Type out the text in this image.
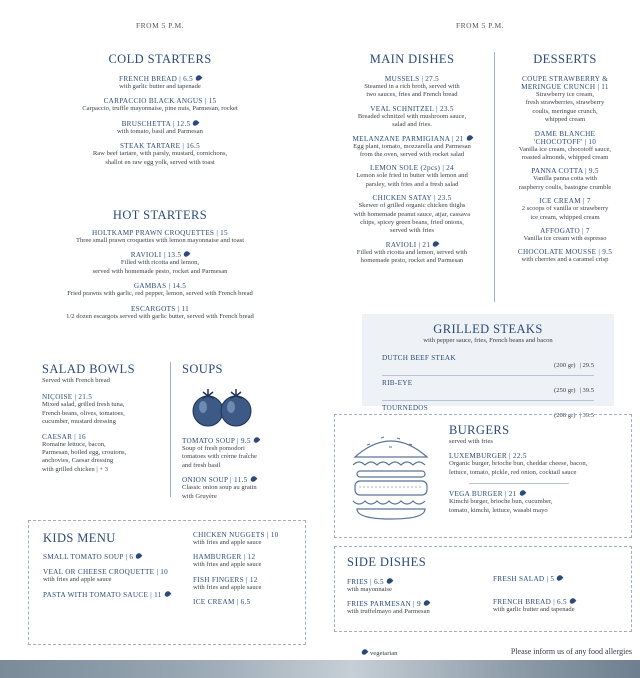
FROM 5 P.M.
COLD STARTERS
FRENCH BREAD | 6.5
with garlic butter and tapenade
CARPACCIO BLACK ANGUS | 15
Carpaccio, truffle mayonnaise, pine nuts, Parmesan, rocket
BRUSCHETTA | 12.5
with tomato, basil and Parmesan
STEAK TARTARE | 16.5
Raw beef tartare, with parsly, mustard, cornichons,
shallot en raw egg yolk, served with toast
HOT STARTERS
HOLTKAMP PRAWN CROQUETTES | 15
Three small prawn croquettes with lemon mayonnaise and toast
RAVIOLI | 13.5
Filled with ricotta and lemon,
served with homemade pesto, rocket and Parmesan
GAMBAS | 14.5
Fried prawns with garlic, red pepper, lemon, served with French bread
ESCARGOTS | 11
1/2 dozen escargots served with garlic butter, served with French bread
SALAD BOWLS
Served with French bread
NIÇOISE | 21.5
Mixed salad, grilled fresh tuna,
French beans, olives, tomatoes,
cucumber, mustard dressing
CAESAR | 16
Romaine lettuce, bacon,
Parmesan, boiled egg, croutons,
anchovies, Caesar dressing
with grilled chicken | + 3
SOUPS
TOMATO SOUP | 9.5
Soup of fresh pomodori
tomatoes with crème fraîche
and fresh basil
ONION SOUP | 11.5
Classic onion soup au gratin
with Gruyère
KIDS MENU
SMALL TOMATO SOUP | 6
VEAL OR CHEESE CROQUETTE | 10
with fries and apple sauce
PASTA WITH TOMATO SAUCE | 11
CHICKEN NUGGETS | 10
with fries and apple sauce
HAMBURGER | 12
with fries and apple sauce
FISH FINGERS | 12
with fries and apple sauce
ICE CREAM | 6.5
FROM 5 P.M.
MAIN DISHES
MUSSELS | 27.5
Steamed in a rich broth, served with
two sauces, fries and French bread
VEAL SCHNITZEL | 23.5
Breaded schnitzel with mushroom sauce,
salad and fries.
MELANZANE PARMIGIANA | 21
Egg plant, tomato, mozzarella and Parmesan
from the oven, served with rocket salad
LEMON SOLE (2pcs) | 24
Lemon sole fried in butter with lemon and
parsley, with fries and a fresh salad
CHICKEN SATAY | 23.5
Skewer of grilled organic chicken thighs
with homemade peanut sauce, atjar, cassava
chips, spicey green beans, fried onions,
served with fries
RAVIOLI | 21
Filled with ricotta and lemon, served with
homemade pesto, rocket and Parmesan
DESSERTS
COUPE STRAWBERRY &
MERINGUE CRUNCH | 11
Strawberry ice cream,
fresh strawberries, strawberry
coulis, meringue crunch,
whipped cream
DAME BLANCHE
'CHOCOTOFF' | 10
Vanilla ice cream, chocotoff sauce,
roasted almonds, whipped cream
PANNA COTTA | 9.5
Vanilla panna cotta with
raspberry coulis, bastogne crumble
ICE CREAM | 7
2 scoops of vanilla or strawberry
ice cream, whipped cream
AFFOGATO | 7
Vanilla ice cream with espresso
CHOCOLATE MOUSSE | 9.5
with cherries and a caramel crisp
GRILLED STEAKS
with pepper sauce, fries, French beans and bacon
DUTCH BEEF STEAK
(200 gr) | 29.5
RIB-EYE
(250 gr) | 39.5
TOURNEDOS
(200 gr) | 39.5
BURGERS
served with fries
LUXEMBURGER | 22.5
Organic burger, brioche bun, cheddar cheese, bacon,
lettuce, tomato, pickle, red onion, cocktail sauce
VEGA BURGER | 21
Kimchi burger, brioche bun, cucumber,
tomato, kimchi, lettuce, wasabi mayo
SIDE DISHES
FRIES | 6.5
with mayonnaise
FRIES PARMESAN | 9
with truffelmayo and Parmesan
FRESH SALAD | 5
FRENCH BREAD | 6.5
with garlic butter and tapenade
vegetarian	Please inform us of any food allergies
